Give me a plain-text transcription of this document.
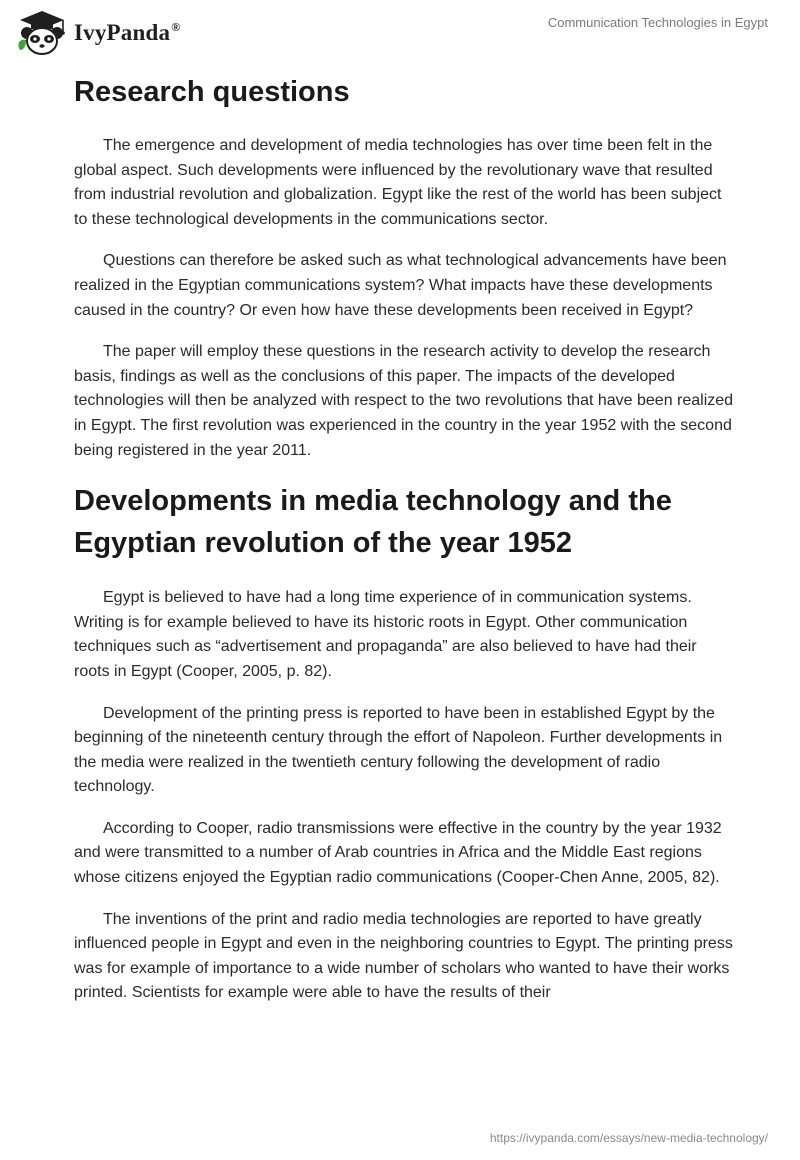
IvyPanda®	Communication Technologies in Egypt
Research questions

The emergence and development of media technologies has over time been felt in the global aspect. Such developments were influenced by the revolutionary wave that resulted from industrial revolution and globalization. Egypt like the rest of the world has been subject to these technological developments in the communications sector.

Questions can therefore be asked such as what technological advancements have been realized in the Egyptian communications system? What impacts have these developments caused in the country? Or even how have these developments been received in Egypt?

The paper will employ these questions in the research activity to develop the research basis, findings as well as the conclusions of this paper. The impacts of the developed technologies will then be analyzed with respect to the two revolutions that have been realized in Egypt. The first revolution was experienced in the country in the year 1952 with the second being registered in the year 2011.

Developments in media technology and the Egyptian revolution of the year 1952

Egypt is believed to have had a long time experience of in communication systems. Writing is for example believed to have its historic roots in Egypt. Other communication techniques such as “advertisement and propaganda” are also believed to have had their roots in Egypt (Cooper, 2005, p. 82).

Development of the printing press is reported to have been in established Egypt by the beginning of the nineteenth century through the effort of Napoleon. Further developments in the media were realized in the twentieth century following the development of radio technology.

According to Cooper, radio transmissions were effective in the country by the year 1932 and were transmitted to a number of Arab countries in Africa and the Middle East regions whose citizens enjoyed the Egyptian radio communications (Cooper-Chen Anne, 2005, 82).

The inventions of the print and radio media technologies are reported to have greatly influenced people in Egypt and even in the neighboring countries to Egypt. The printing press was for example of importance to a wide number of scholars who wanted to have their works printed. Scientists for example were able to have the results of their

https://ivypanda.com/essays/new-media-technology/
